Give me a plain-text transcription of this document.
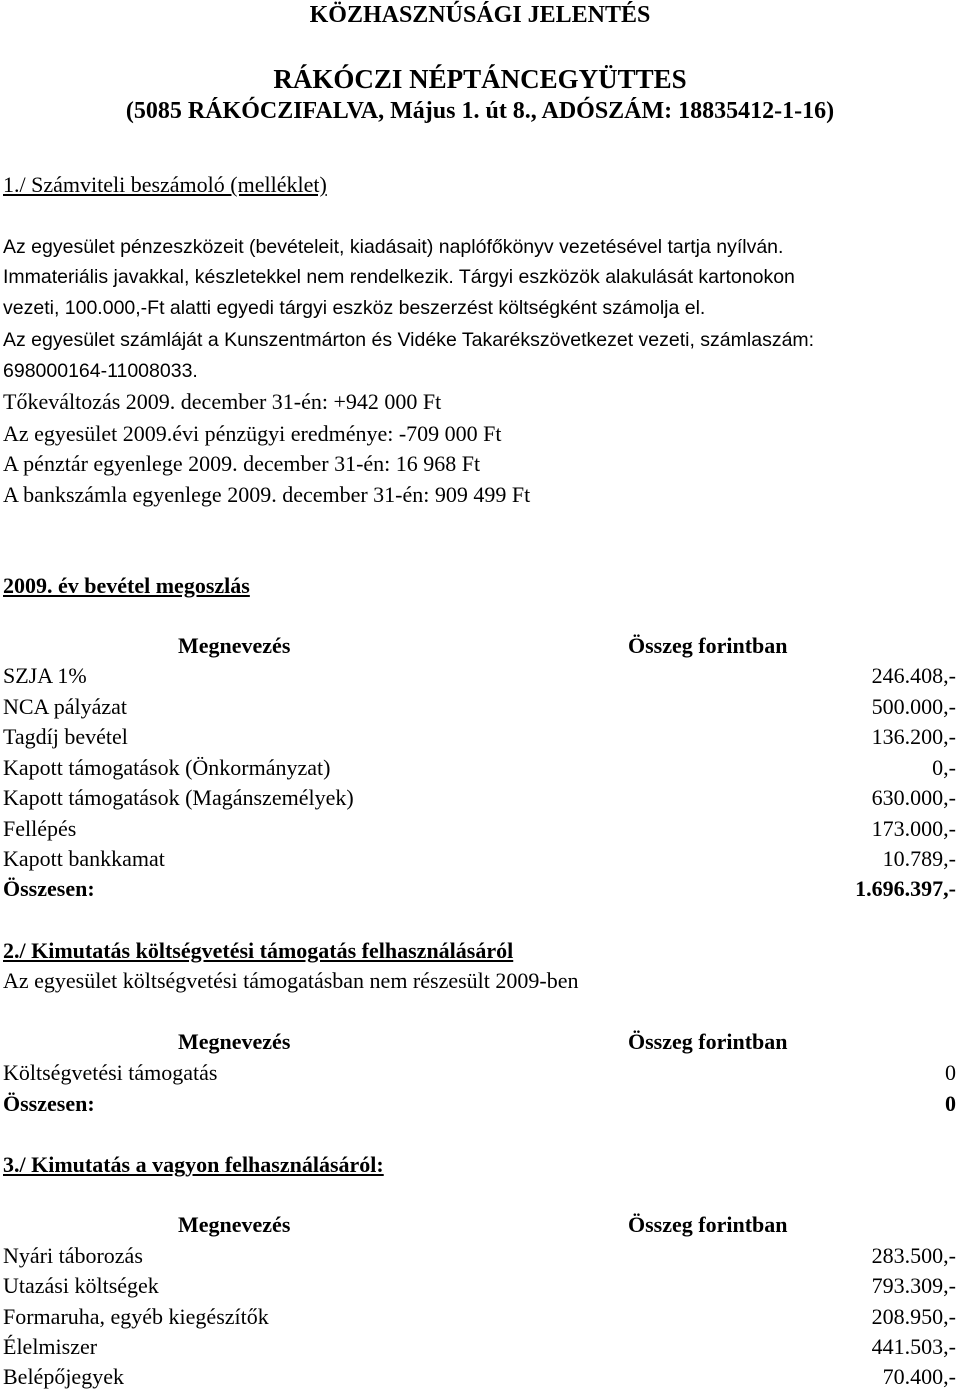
KÖZHASZNÚSÁGI JELENTÉS
RÁKÓCZI NÉPTÁNCEGYÜTTES
(5085 RÁKÓCZIFALVA, Május 1. út 8., ADÓSZÁM: 18835412-1-16)
1./ Számviteli beszámoló (melléklet)
Az egyesület pénzeszközeit (bevételeit, kiadásait) naplófőkönyv vezetésével tartja nyílván.
Immateriális javakkal, készletekkel nem rendelkezik. Tárgyi eszközök alakulását kartonokon
vezeti, 100.000,-Ft alatti egyedi tárgyi eszköz beszerzést költségként számolja el.
Az egyesület számláját a Kunszentmárton és Vidéke Takarékszövetkezet vezeti, számlaszám:
698000164-11008033.
Tőkeváltozás 2009. december 31-én: +942 000 Ft
Az egyesület 2009.évi pénzügyi eredménye: -709 000 Ft
A pénztár egyenlege 2009. december 31-én: 16 968 Ft
A bankszámla egyenlege 2009. december 31-én: 909 499 Ft
2009. év bevétel megoszlás
Megnevezés	Összeg forintban
SZJA 1%	246.408,-
NCA pályázat	500.000,-
Tagdíj bevétel	136.200,-
Kapott támogatások (Önkormányzat)	0,-
Kapott támogatások (Magánszemélyek)	630.000,-
Fellépés	173.000,-
Kapott bankkamat	10.789,-
Összesen:	1.696.397,-
2./ Kimutatás költségvetési támogatás felhasználásáról
Az egyesület költségvetési támogatásban nem részesült 2009-ben
Megnevezés	Összeg forintban
Költségvetési támogatás	0
Összesen:	0
3./ Kimutatás a vagyon felhasználásáról:
Megnevezés	Összeg forintban
Nyári táborozás	283.500,-
Utazási költségek	793.309,-
Formaruha, egyéb kiegészítők	208.950,-
Élelmiszer	441.503,-
Belépőjegyek	70.400,-
